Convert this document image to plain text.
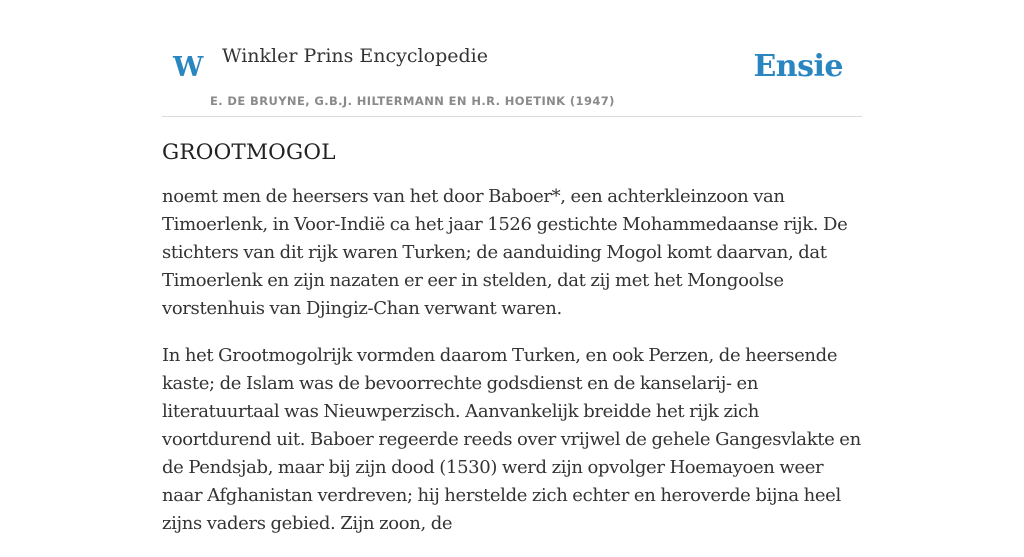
W Winkler Prins Encyclopedie
E. DE BRUYNE, G.B.J. HILTERMANN EN H.R. HOETINK (1947)
Ensie
GROOTMOGOL

noemt men de heersers van het door Baboer*, een achterkleinzoon van Timoerlenk, in Voor-Indië ca het jaar 1526 gestichte Mohammedaanse rijk. De stichters van dit rijk waren Turken; de aanduiding Mogol komt daarvan, dat Timoerlenk en zijn nazaten er eer in stelden, dat zij met het Mongoolse vorstenhuis van Djingiz-Chan verwant waren.

In het Grootmogolrijk vormden daarom Turken, en ook Perzen, de heersende kaste; de Islam was de bevoorrechte godsdienst en de kanselarij- en literatuurtaal was Nieuwperzisch. Aanvankelijk breidde het rijk zich voortdurend uit. Baboer regeerde reeds over vrijwel de gehele Gangesvlakte en de Pendsjab, maar bij zijn dood (1530) werd zijn opvolger Hoemayoen weer naar Afghanistan verdreven; hij herstelde zich echter en heroverde bijna heel zijns vaders gebied. Zijn zoon, de
